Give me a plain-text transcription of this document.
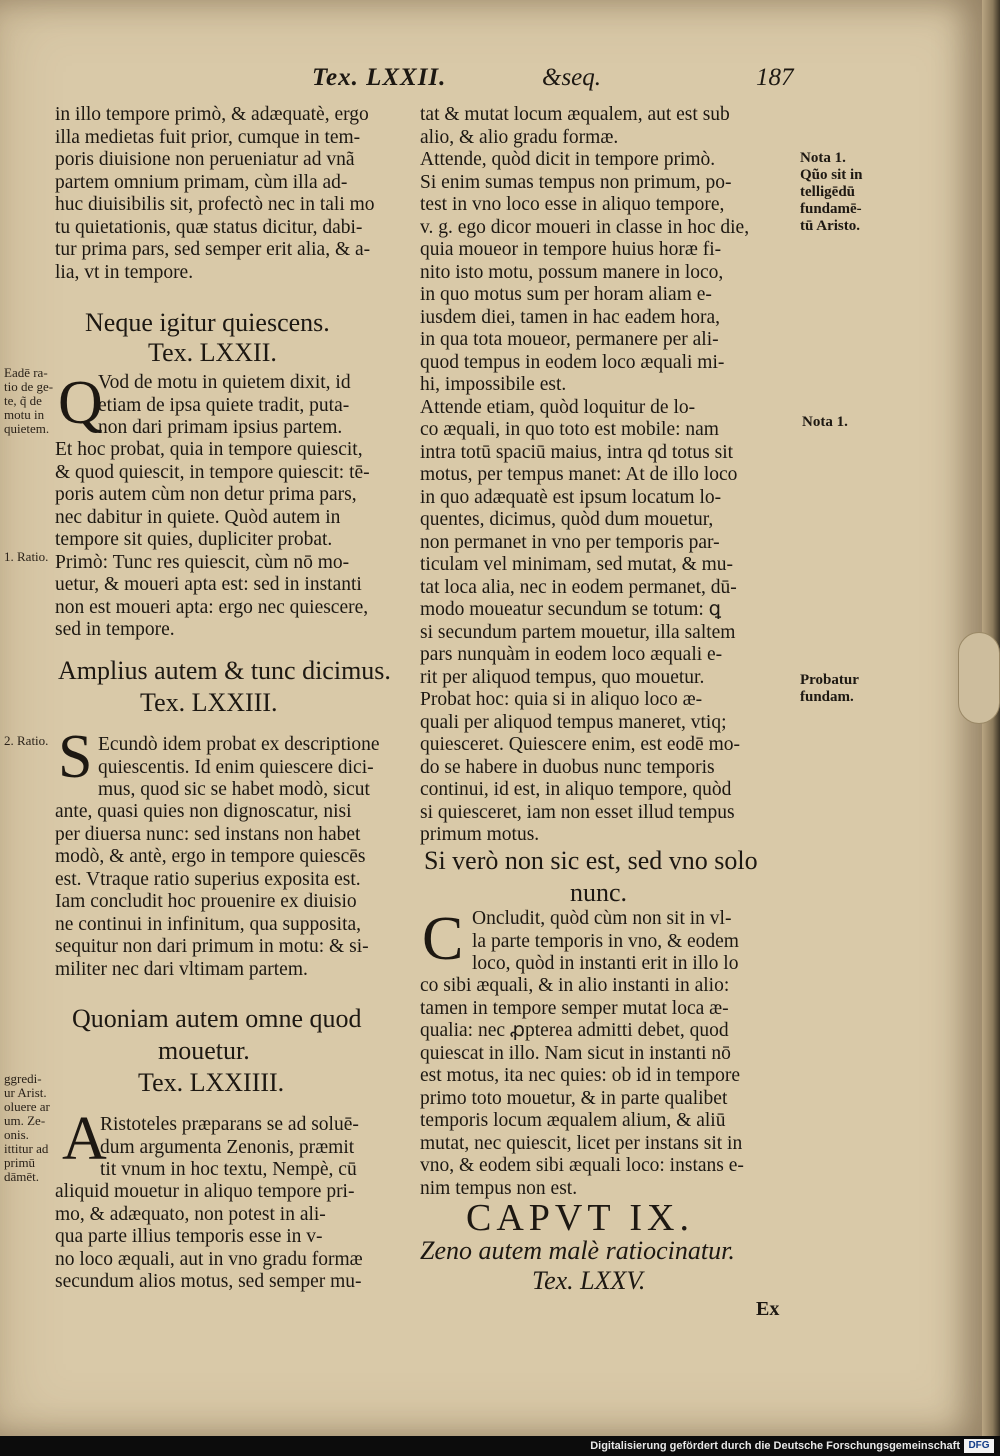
Tex. LXXII.	&seq.	187
in illo tempore primò, & adæquatè, ergo
illa medietas fuit prior, cumque in tem-
poris diuisione non perueniatur ad vnã
partem omnium primam, cùm illa ad-
huc diuisibilis sit, profectò nec in tali mo
tu quietationis, quæ status dicitur, dabi-
tur prima pars, sed semper erit alia, & a-
lia, vt in tempore.
Neque igitur quiescens.
Tex. LXXII.
Q
Vod de motu in quietem dixit, id
etiam de ipsa quiete tradit, puta-
non dari primam ipsius partem.
Et hoc probat, quia in tempore quiescit,
& quod quiescit, in tempore quiescit: tē-
poris autem cùm non detur prima pars,
nec dabitur in quiete. Quòd autem in
tempore sit quies, dupliciter probat.
Primò: Tunc res quiescit, cùm nō mo-
uetur, & moueri apta est: sed in instanti
non est moueri apta: ergo nec quiescere,
sed in tempore.
Amplius autem & tunc dicimus.
Tex. LXXIII.
S Ecundò idem probat ex descriptione
quiescentis. Id enim quiescere dici-
mus, quod sic se habet modò, sicut
ante, quasi quies non dignoscatur, nisi
per diuersa nunc: sed instans non habet
modò, & antè, ergo in tempore quiescēs
est. Vtraque ratio superius exposita est.
Iam concludit hoc prouenire ex diuisio
ne continui in infinitum, qua supposita,
sequitur non dari primum in motu: & si-
militer nec dari vltimam partem.
Quoniam autem omne quod
mouetur.
Tex. LXXIIII.
A
Ristoteles præparans se ad soluē-
dum argumenta Zenonis, præmit
tit vnum in hoc textu, Nempè, cū
aliquid mouetur in aliquo tempore pri-
mo, & adæquato, non potest in ali-
qua parte illius temporis esse in v-
no loco æquali, aut in vno gradu formæ
secundum alios motus, sed semper mu-
Eadē ra-
tio de ge-
te, q̃ de
motu in
quietem.
1. Ratio.
2. Ratio.
ggredi-
ur Arist.
oluere ar
um. Ze-
onis.
ittitur ad
primū
dāmēt.
tat & mutat locum æqualem, aut est sub
alio, & alio gradu formæ.
Attende, quòd dicit in tempore primò.
Si enim sumas tempus non primum, po-
test in vno loco esse in aliquo tempore,
v. g. ego dicor moueri in classe in hoc die,
quia moueor in tempore huius horæ fi-
nito isto motu, possum manere in loco,
in quo motus sum per horam aliam e-
iusdem diei, tamen in hac eadem hora,
in qua tota moueor, permanere per ali-
quod tempus in eodem loco æquali mi-
hi, impossibile est.
Attende etiam, quòd loquitur de lo-
co æquali, in quo toto est mobile: nam
intra totū spaciū maius, intra qd totus sit
motus, per tempus manet: At de illo loco
in quo adæquatè est ipsum locatum lo-
quentes, dicimus, quòd dum mouetur,
non permanet in vno per temporis par-
ticulam vel minimam, sed mutat, & mu-
tat loca alia, nec in eodem permanet, dū-
modo moueatur secundum se totum: ꝗ
si secundum partem mouetur, illa saltem
pars nunquàm in eodem loco æquali e-
rit per aliquod tempus, quo mouetur.
Probat hoc: quia si in aliquo loco æ-
quali per aliquod tempus maneret, vtiq;
quiesceret. Quiescere enim, est eodē mo-
do se habere in duobus nunc temporis
continui, id est, in aliquo tempore, quòd
si quiesceret, iam non esset illud tempus
primum motus.
Si verò non sic est, sed vno solo
nunc.
C Oncludit, quòd cùm non sit in vl-
la parte temporis in vno, & eodem
loco, quòd in instanti erit in illo lo
co sibi æquali, & in alio instanti in alio:
tamen in tempore semper mutat loca æ-
qualia: nec ꝓpterea admitti debet, quod
quiescat in illo. Nam sicut in instanti nō
est motus, ita nec quies: ob id in tempore
primo toto mouetur, & in parte qualibet
temporis locum æqualem alium, & aliū
mutat, nec quiescit, licet per instans sit in
vno, & eodem sibi æquali loco: instans e-
nim tempus non est.
CAPVT IX.
Zeno autem malè ratiocinatur.
Tex. LXXV.
Ex
Nota 1.
Qũo sit in
telligēdū
fundamē-
tū Aristo.
Nota 1.
Probatur
fundam.
Digitalisierung gefördert durch die Deutsche Forschungsgemeinschaft DFG
